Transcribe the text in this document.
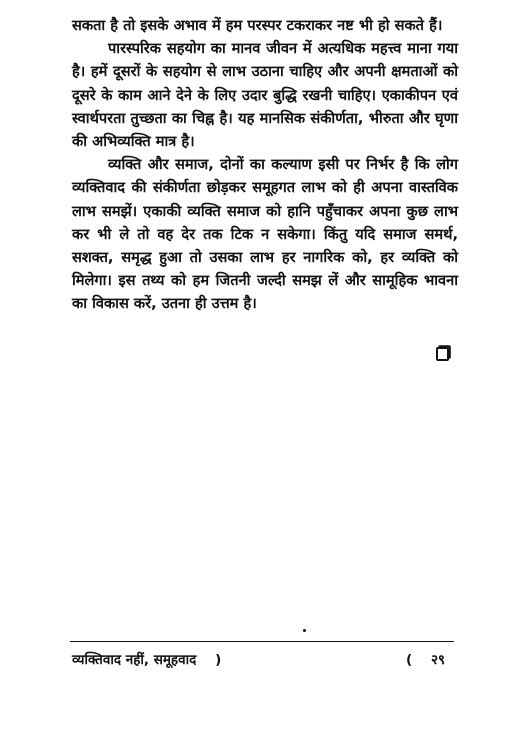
सकता है तो इसके अभाव में हम परस्पर टकराकर नष्ट भी हो सकते हैं।

पारस्परिक सहयोग का मानव जीवन में अत्यधिक महत्त्व माना गया है। हमें दूसरों के सहयोग से लाभ उठाना चाहिए और अपनी क्षमताओं को दूसरे के काम आने देने के लिए उदार बुद्धि रखनी चाहिए। एकाकीपन एवं स्वार्थपरता तुच्छता का चिह्न है। यह मानसिक संकीर्णता, भीरुता और घृणा की अभिव्यक्ति मात्र है।

व्यक्ति और समाज, दोनों का कल्याण इसी पर निर्भर है कि लोग व्यक्तिवाद की संकीर्णता छोड़कर समूहगत लाभ को ही अपना वास्तविक लाभ समझें। एकाकी व्यक्ति समाज को हानि पहुँचाकर अपना कुछ लाभ कर भी ले तो वह देर तक टिक न सकेगा। किंतु यदि समाज समर्थ, सशक्त, समृद्ध हुआ तो उसका लाभ हर नागरिक को, हर व्यक्ति को मिलेगा। इस तथ्य को हम जितनी जल्दी समझ लें और सामूहिक भावना का विकास करें, उतना ही उत्तम है।

व्यक्तिवाद नहीं, समूहवाद    )	(    २९
